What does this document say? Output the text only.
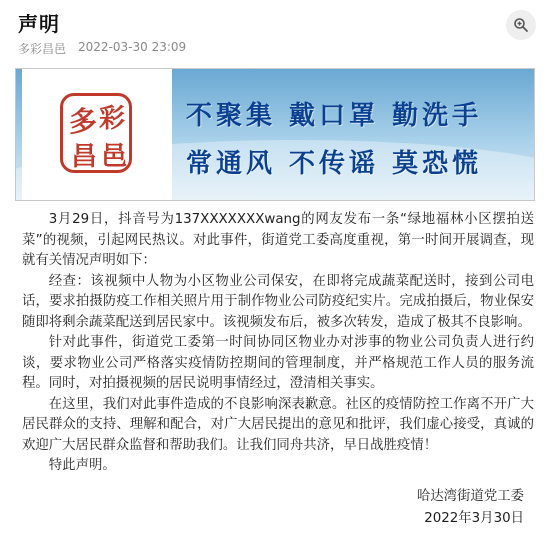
声明
多彩昌邑 2022-03-30 23:09
多 彩
昌 邑
不聚集 戴口罩 勤洗手
常通风 不传谣 莫恐慌

3月29日，抖音号为137XXXXXXXwang的网友发布一条“绿地福林小区摆拍送菜”的视频，引起网民热议。对此事件，街道党工委高度重视，第一时间开展调查，现就有关情况声明如下：

经查：该视频中人物为小区物业公司保安，在即将完成蔬菜配送时，接到公司电话，要求拍摄防疫工作相关照片用于制作物业公司防疫纪实片。完成拍摄后，物业保安随即将剩余蔬菜配送到居民家中。该视频发布后，被多次转发，造成了极其不良影响。

针对此事件，街道党工委第一时间协同区物业办对涉事的物业公司负责人进行约谈，要求物业公司严格落实疫情防控期间的管理制度，并严格规范工作人员的服务流程。同时，对拍摄视频的居民说明事情经过，澄清相关事实。

在这里，我们对此事件造成的不良影响深表歉意。社区的疫情防控工作离不开广大居民群众的支持、理解和配合，对广大居民提出的意见和批评，我们虚心接受，真诚的欢迎广大居民群众监督和帮助我们。让我们同舟共济，早日战胜疫情！

特此声明。

哈达湾街道党工委
2022年3月30日
